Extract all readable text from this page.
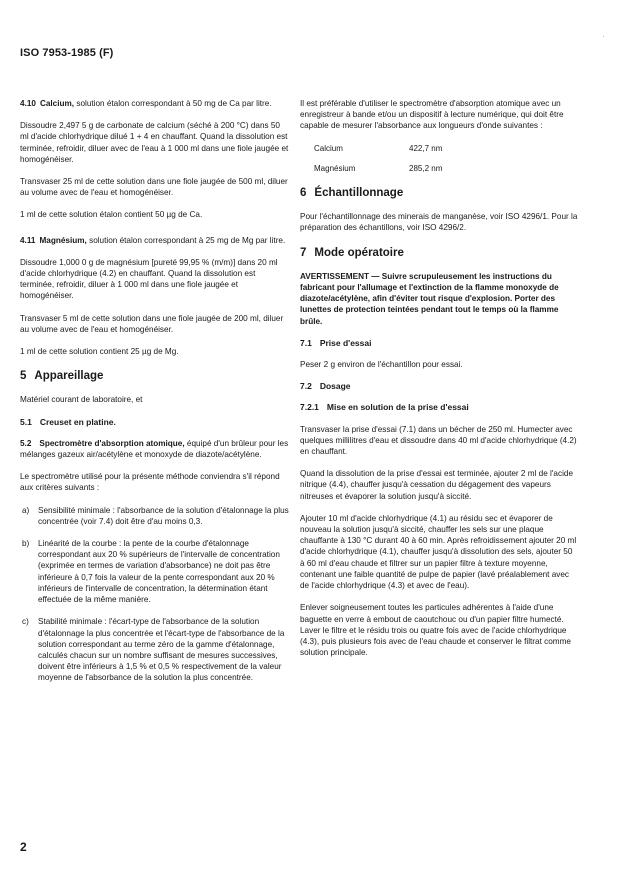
ISO 7953-1985 (F)
·

4.10 Calcium, solution étalon correspondant à 50 mg de Ca par litre.

Dissoudre 2,497 5 g de carbonate de calcium (séché à 200 °C) dans 50 ml d'acide chlorhydrique dilué 1 + 4 en chauffant. Quand la dissolution est terminée, refroidir, diluer avec de l'eau à 1 000 ml dans une fiole jaugée et homogénéiser.

Transvaser 25 ml de cette solution dans une fiole jaugée de 500 ml, diluer au volume avec de l'eau et homogénéiser.

1 ml de cette solution étalon contient 50 µg de Ca.

4.11 Magnésium, solution étalon correspondant à 25 mg de Mg par litre.

Dissoudre 1,000 0 g de magnésium [pureté 99,95 % (m/m)] dans 20 ml d'acide chlorhydrique (4.2) en chauffant. Quand la dissolution est terminée, refroidir, diluer à 1 000 ml dans une fiole jaugée et homogénéiser.

Transvaser 5 ml de cette solution dans une fiole jaugée de 200 ml, diluer au volume avec de l'eau et homogénéiser.

1 ml de cette solution contient 25 µg de Mg.

5 Appareillage

Matériel courant de laboratoire, et

5.1 Creuset en platine.

5.2 Spectromètre d'absorption atomique, équipé d'un brûleur pour les mélanges gazeux air/acétylène et monoxyde de diazote/acétylène.

Le spectromètre utilisé pour la présente méthode conviendra s'il répond aux critères suivants :

a)	Sensibilité minimale : l'absorbance de la solution d'étalonnage la plus concentrée (voir 7.4) doit être d'au moins 0,3.
b)	Linéarité de la courbe : la pente de la courbe d'étalonnage correspondant aux 20 % supérieurs de l'intervalle de concentration (exprimée en termes de variation d'absorbance) ne doit pas être inférieure à 0,7 fois la valeur de la pente correspondant aux 20 % inférieurs de l'intervalle de concentration, la détermination étant effectuée de la même manière.
c)	Stabilité minimale : l'écart-type de l'absorbance de la solution d'étalonnage la plus concentrée et l'écart-type de l'absorbance de la solution correspondant au terme zéro de la gamme d'étalonnage, calculés chacun sur un nombre suffisant de mesures successives, doivent être inférieurs à 1,5 % et 0,5 % respectivement de la valeur moyenne de l'absorbance de la solution la plus concentrée.

Il est préférable d'utiliser le spectromètre d'absorption atomique avec un enregistreur à bande et/ou un dispositif à lecture numérique, qui doit être capable de mesurer l'absorbance aux longueurs d'onde suivantes :

Calcium	422,7 nm
Magnésium	285,2 nm
6 Échantillonnage

Pour l'échantillonnage des minerais de manganèse, voir ISO 4296/1. Pour la préparation des échantillons, voir ISO 4296/2.

7 Mode opératoire

AVERTISSEMENT — Suivre scrupuleusement les instructions du fabricant pour l'allumage et l'extinction de la flamme monoxyde de diazote/acétylène, afin d'éviter tout risque d'explosion. Porter des lunettes de protection teintées pendant tout le temps où la flamme brûle.

7.1 Prise d'essai

Peser 2 g environ de l'échantillon pour essai.

7.2 Dosage
7.2.1 Mise en solution de la prise d'essai

Transvaser la prise d'essai (7.1) dans un bécher de 250 ml. Humecter avec quelques millilitres d'eau et dissoudre dans 40 ml d'acide chlorhydrique (4.2) en chauffant.

Quand la dissolution de la prise d'essai est terminée, ajouter 2 ml de l'acide nitrique (4.4), chauffer jusqu'à cessation du dégagement des vapeurs nitreuses et évaporer la solution jusqu'à siccité.

Ajouter 10 ml d'acide chlorhydrique (4.1) au résidu sec et évaporer de nouveau la solution jusqu'à siccité, chauffer les sels sur une plaque chauffante à 130 °C durant 40 à 60 min. Après refroidissement ajouter 20 ml d'acide chlorhydrique (4.1), chauffer jusqu'à dissolution des sels, ajouter 50 à 60 ml d'eau chaude et filtrer sur un papier filtre à texture moyenne, contenant une faible quantité de pulpe de papier (lavé préalablement avec de l'acide chlorhydrique (4.3) et avec de l'eau).

Enlever soigneusement toutes les particules adhérentes à l'aide d'une baguette en verre à embout de caoutchouc ou d'un papier filtre humecté. Laver le filtre et le résidu trois ou quatre fois avec de l'acide chlorhydrique (4.3), puis plusieurs fois avec de l'eau chaude et conserver le filtrat comme solution principale.

2
